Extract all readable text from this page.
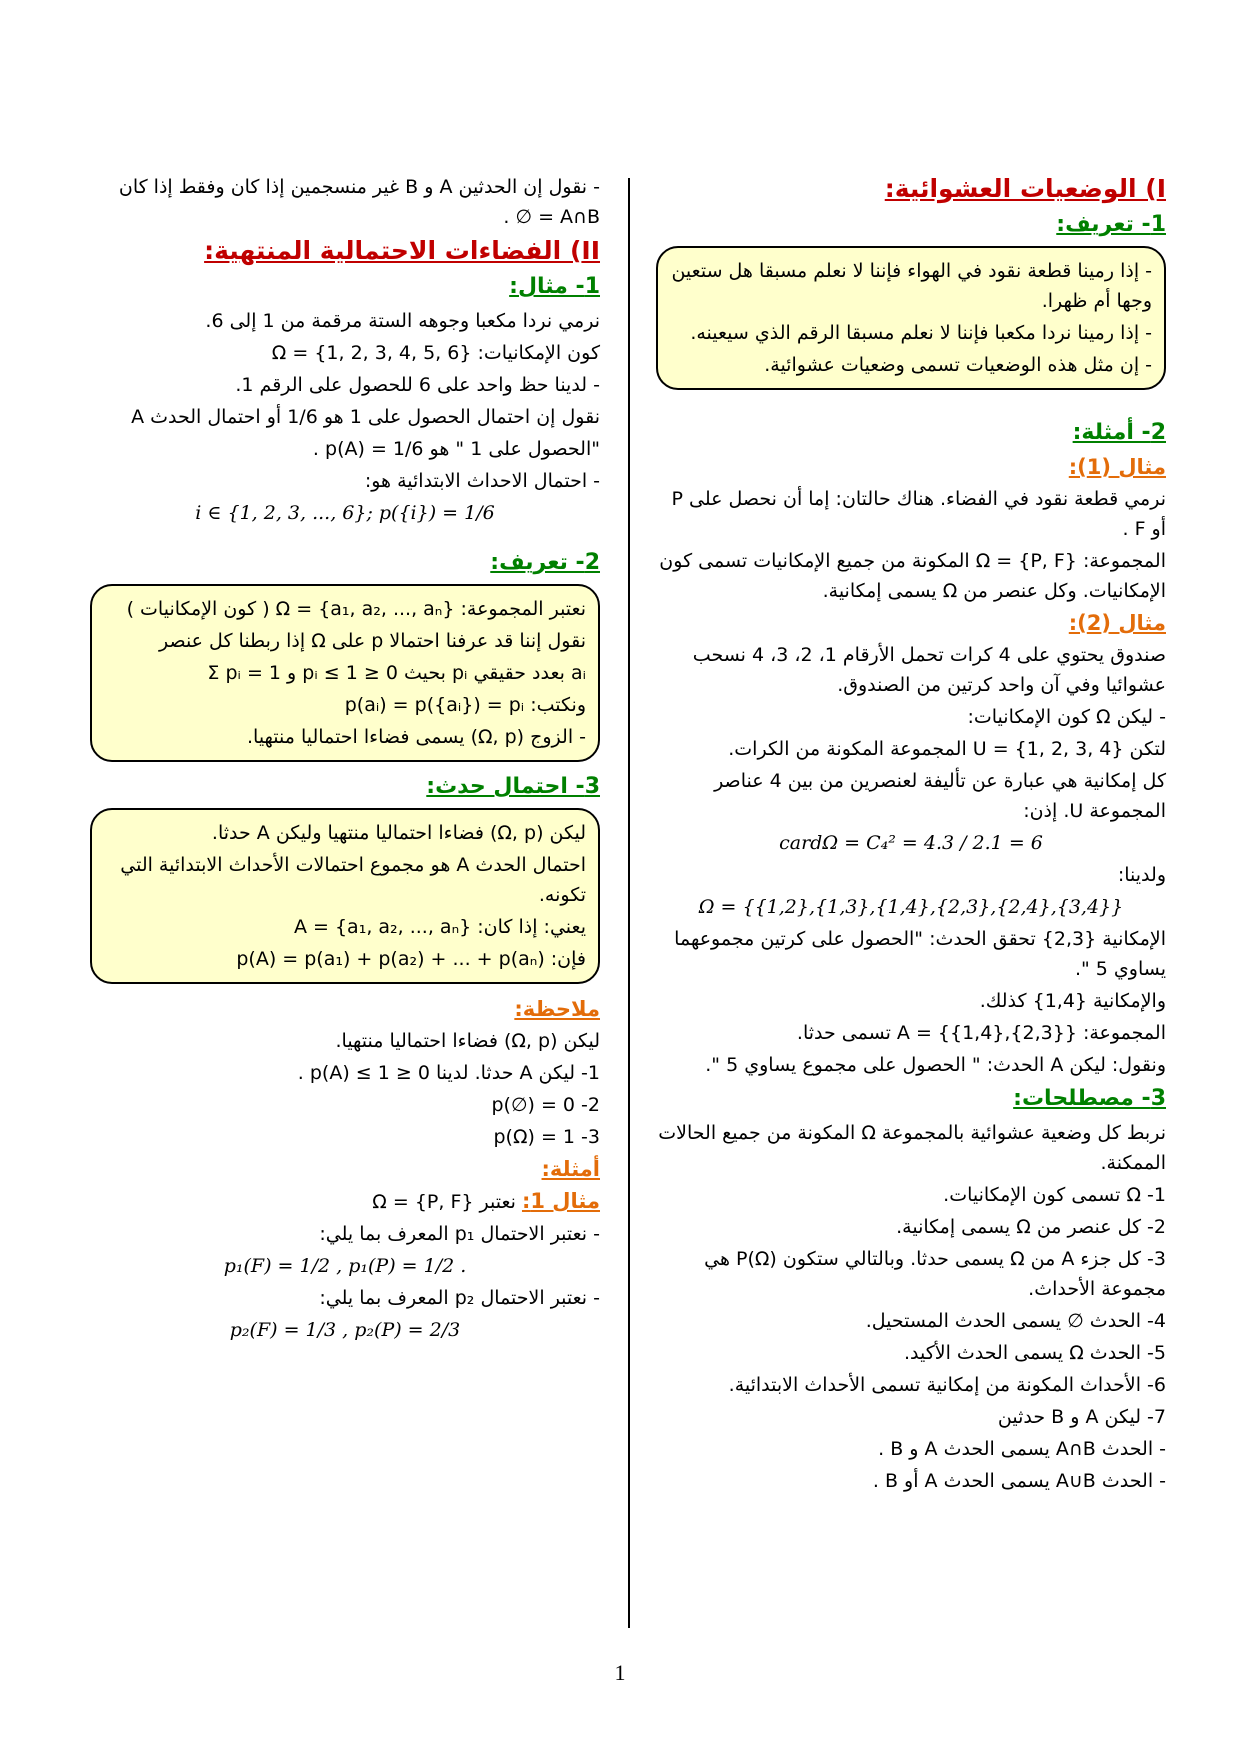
I) الوضعيات العشوائية:
1- تعريف:

- إذا رمينا قطعة نقود في الهواء فإننا لا نعلم مسبقا هل ستعين وجها أم ظهرا.

- إذا رمينا نردا مكعبا فإننا لا نعلم مسبقا الرقم الذي سيعينه.

- إن مثل هذه الوضعيات تسمى وضعيات عشوائية.

2- أمثلة:
مثال (1):

نرمي قطعة نقود في الفضاء. هناك حالتان: إما أن نحصل على P أو F .

المجموعة: Ω = {P, F} المكونة من جميع الإمكانيات تسمى كون الإمكانيات. وكل عنصر من Ω يسمى إمكانية.

مثال (2):

صندوق يحتوي على 4 كرات تحمل الأرقام 1، 2، 3، 4 نسحب عشوائيا وفي آن واحد كرتين من الصندوق.

- ليكن Ω كون الإمكانيات:

لتكن U = {1, 2, 3, 4} المجموعة المكونة من الكرات.

كل إمكانية هي عبارة عن تأليفة لعنصرين من بين 4 عناصر المجموعة U. إذن:

cardΩ = C₄² = 4.3 / 2.1 = 6

ولدينا:

Ω = {{1,2},{1,3},{1,4},{2,3},{2,4},{3,4}}

الإمكانية {2,3} تحقق الحدث: "الحصول على كرتين مجموعهما يساوي 5 ".

والإمكانية {1,4} كذلك.

المجموعة: A = {{1,4},{2,3}} تسمى حدثا.

ونقول: ليكن A الحدث: " الحصول على مجموع يساوي 5 ".

3- مصطلحات:

نربط كل وضعية عشوائية بالمجموعة Ω المكونة من جميع الحالات الممكنة.

1- Ω تسمى كون الإمكانيات.

2- كل عنصر من Ω يسمى إمكانية.

3- كل جزء A من Ω يسمى حدثا. وبالتالي ستكون P(Ω) هي مجموعة الأحداث.

4- الحدث ∅ يسمى الحدث المستحيل.

5- الحدث Ω يسمى الحدث الأكيد.

6- الأحداث المكونة من إمكانية تسمى الأحداث الابتدائية.

7- ليكن A و B حدثين

- الحدث A∩B يسمى الحدث A و B .

- الحدث A∪B يسمى الحدث A أو B .

- نقول إن الحدثين A و B غير منسجمين إذا كان وفقط إذا كان A∩B = ∅ .

II) الفضاءات الاحتمالية المنتهية:
1- مثال:

نرمي نردا مكعبا وجوهه الستة مرقمة من 1 إلى 6.

كون الإمكانيات: Ω = {1, 2, 3, 4, 5, 6}

- لدينا حظ واحد على 6 للحصول على الرقم 1.

نقول إن احتمال الحصول على 1 هو 1/6 أو احتمال الحدث A

"الحصول على 1 " هو p(A) = 1/6 .

- احتمال الاحداث الابتدائية هو:

i ∈ {1, 2, 3, ..., 6}; p({i}) = 1/6

2- تعريف:

نعتبر المجموعة: Ω = {a₁, a₂, ..., aₙ} ( كون الإمكانيات )

نقول إننا قد عرفنا احتمالا p على Ω إذا ربطنا كل عنصر

aᵢ بعدد حقيقي pᵢ بحيث 0 ≤ pᵢ ≤ 1 و Σ pᵢ = 1

ونكتب: p(aᵢ) = p({aᵢ}) = pᵢ

- الزوج (Ω, p) يسمى فضاءا احتماليا منتهيا.

3- احتمال حدث:

ليكن (Ω, p) فضاءا احتماليا منتهيا وليكن A حدثا.

احتمال الحدث A هو مجموع احتمالات الأحداث الابتدائية التي تكونه.

يعني: إذا كان: A = {a₁, a₂, ..., aₙ}

فإن: p(A) = p(a₁) + p(a₂) + ... + p(aₙ)

ملاحظة:

ليكن (Ω, p) فضاءا احتماليا منتهيا.

1- ليكن A حدثا. لدينا 0 ≤ p(A) ≤ 1 .

2- p(∅) = 0

3- p(Ω) = 1

أمثلة:

مثال 1: نعتبر Ω = {P, F}

- نعتبر الاحتمال p₁ المعرف بما يلي:

p₁(F) = 1/2 , p₁(P) = 1/2 .

- نعتبر الاحتمال p₂ المعرف بما يلي:

p₂(F) = 1/3 , p₂(P) = 2/3

1
